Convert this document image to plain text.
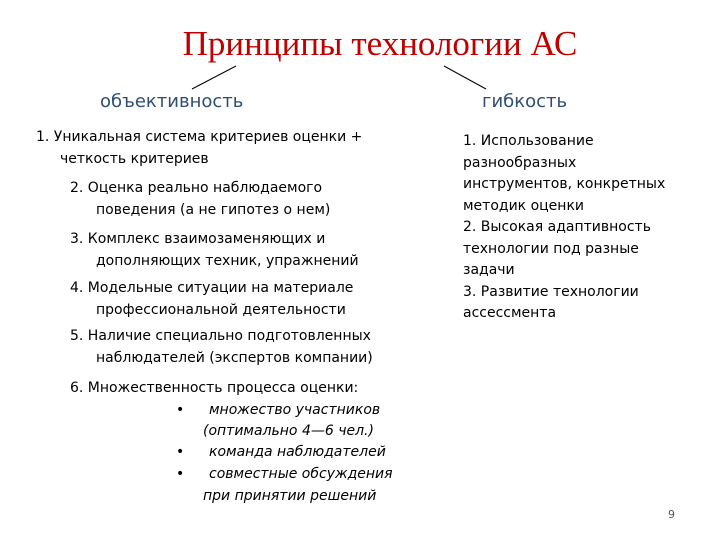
Принципы технологии АС
объективность	гибкость
1. Уникальная система критериев оценки +
четкость критериев
2. Оценка реально наблюдаемого
поведения (а не гипотез о нем)
3. Комплекс взаимозаменяющих и
дополняющих техник, упражнений
4. Модельные ситуации на материале
профессиональной деятельности
5. Наличие специально подготовленных
наблюдателей (экспертов компании)
6. Множественность процесса оценки:
• множество участников
(оптимально 4—6 чел.)
• команда наблюдателей
• совместные обсуждения
при принятии решений
1. Использование
разнообразных
инструментов, конкретных
методик оценки
2. Высокая адаптивность
технологии под разные
задачи
3. Развитие технологии
ассессмента
9
